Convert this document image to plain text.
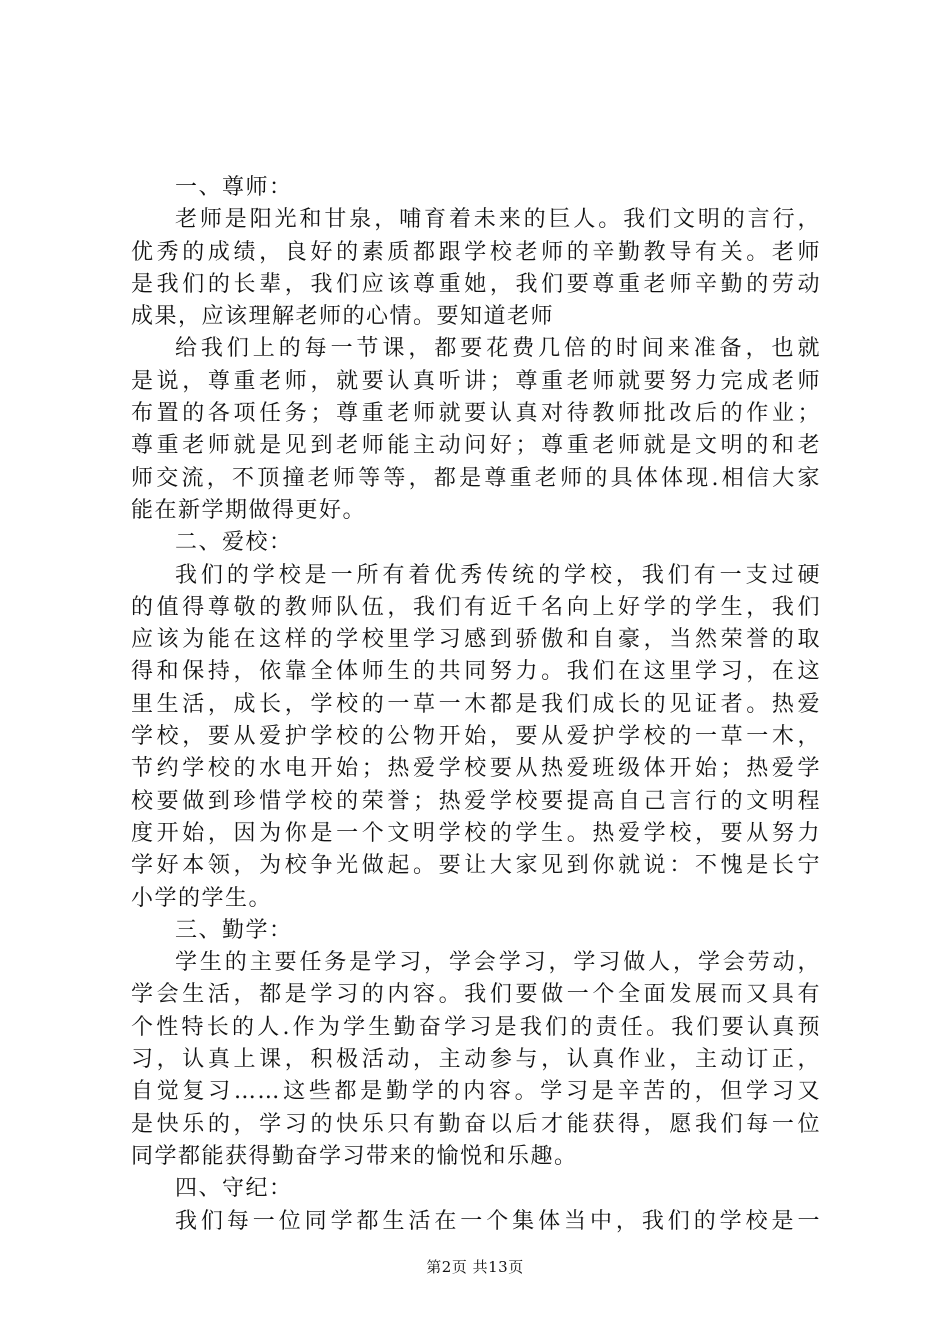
一、尊师：
老师是阳光和甘泉，哺育着未来的巨人。我们文明的言行，
优秀的成绩，良好的素质都跟学校老师的辛勤教导有关。老师
是我们的长辈，我们应该尊重她，我们要尊重老师辛勤的劳动
成果，应该理解老师的心情。要知道老师
给我们上的每一节课，都要花费几倍的时间来准备，也就
是说，尊重老师，就要认真听讲；尊重老师就要努力完成老师
布置的各项任务；尊重老师就要认真对待教师批改后的作业；
尊重老师就是见到老师能主动问好；尊重老师就是文明的和老
师交流，不顶撞老师等等，都是尊重老师的具体体现.相信大家
能在新学期做得更好。
二、爱校：
我们的学校是一所有着优秀传统的学校，我们有一支过硬
的值得尊敬的教师队伍，我们有近千名向上好学的学生，我们
应该为能在这样的学校里学习感到骄傲和自豪，当然荣誉的取
得和保持，依靠全体师生的共同努力。我们在这里学习，在这
里生活，成长，学校的一草一木都是我们成长的见证者。热爱
学校，要从爱护学校的公物开始，要从爱护学校的一草一木，
节约学校的水电开始；热爱学校要从热爱班级体开始；热爱学
校要做到珍惜学校的荣誉；热爱学校要提高自己言行的文明程
度开始，因为你是一个文明学校的学生。热爱学校，要从努力
学好本领，为校争光做起。要让大家见到你就说：不愧是长宁
小学的学生。
三、勤学：
学生的主要任务是学习，学会学习，学习做人，学会劳动，
学会生活，都是学习的内容。我们要做一个全面发展而又具有
个性特长的人.作为学生勤奋学习是我们的责任。我们要认真预
习，认真上课，积极活动，主动参与，认真作业，主动订正，
自觉复习……这些都是勤学的内容。学习是辛苦的，但学习又
是快乐的，学习的快乐只有勤奋以后才能获得，愿我们每一位
同学都能获得勤奋学习带来的愉悦和乐趣。
四、守纪：
我们每一位同学都生活在一个集体当中，我们的学校是一
第2页 共13页
